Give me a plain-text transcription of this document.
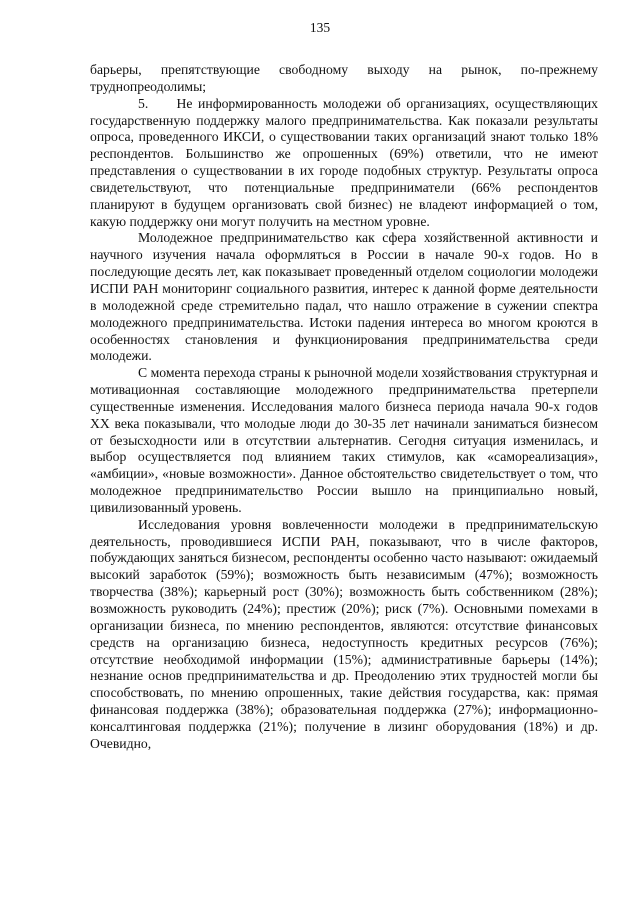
135

барьеры, препятствующие свободному выходу на рынок, по-прежнему труднопреодолимы;

5.     Не информированность молодежи об организациях, осуществляющих государственную поддержку малого предпринимательства. Как показали результаты опроса, проведенного ИКСИ, о существовании таких организаций знают только 18% респондентов. Большинство же опрошенных (69%) ответили, что не имеют представления о существовании в их городе подобных структур. Результаты опроса свидетельствуют, что потенциальные предприниматели (66% респондентов планируют в будущем организовать свой бизнес) не владеют информацией о том, какую поддержку они могут получить на местном уровне.

Молодежное предпринимательство как сфера хозяйственной активности и научного изучения начала оформляться в России в начале 90-х годов. Но в последующие десять лет, как показывает проведенный отделом социологии молодежи ИСПИ РАН мониторинг социального развития, интерес к данной форме деятельности в молодежной среде стремительно падал, что нашло отражение в сужении спектра молодежного предпринимательства. Истоки падения интереса во многом кроются в особенностях становления и функционирования предпринимательства среди молодежи.

С момента перехода страны к рыночной модели хозяйствования структурная и мотивационная составляющие молодежного предпринимательства претерпели существенные изменения. Исследования малого бизнеса периода начала 90-х годов ХХ века показывали, что молодые люди до 30-35 лет начинали заниматься бизнесом от безысходности или в отсутствии альтернатив. Сегодня ситуация изменилась, и выбор осуществляется под влиянием таких стимулов, как «самореализация», «амбиции», «новые возможности». Данное обстоятельство свидетельствует о том, что молодежное предпринимательство России вышло на принципиально новый, цивилизованный уровень.

Исследования уровня вовлеченности молодежи в предпринимательскую деятельность, проводившиеся ИСПИ РАН, показывают, что в числе факторов, побуждающих заняться бизнесом, респонденты особенно часто называют: ожидаемый высокий заработок (59%); возможность быть независимым (47%); возможность творчества (38%); карьерный рост (30%); возможность быть собственником (28%); возможность руководить (24%); престиж (20%); риск (7%). Основными помехами в организации бизнеса, по мнению респондентов, являются: отсутствие финансовых средств на организацию бизнеса, недоступность кредитных ресурсов (76%); отсутствие необходимой информации (15%); административные барьеры (14%); незнание основ предпринимательства и др. Преодолению этих трудностей могли бы способствовать, по мнению опрошенных, такие действия государства, как: прямая финансовая поддержка (38%); образовательная поддержка (27%); информационно-консалтинговая поддержка (21%); получение в лизинг оборудования (18%) и др. Очевидно,
